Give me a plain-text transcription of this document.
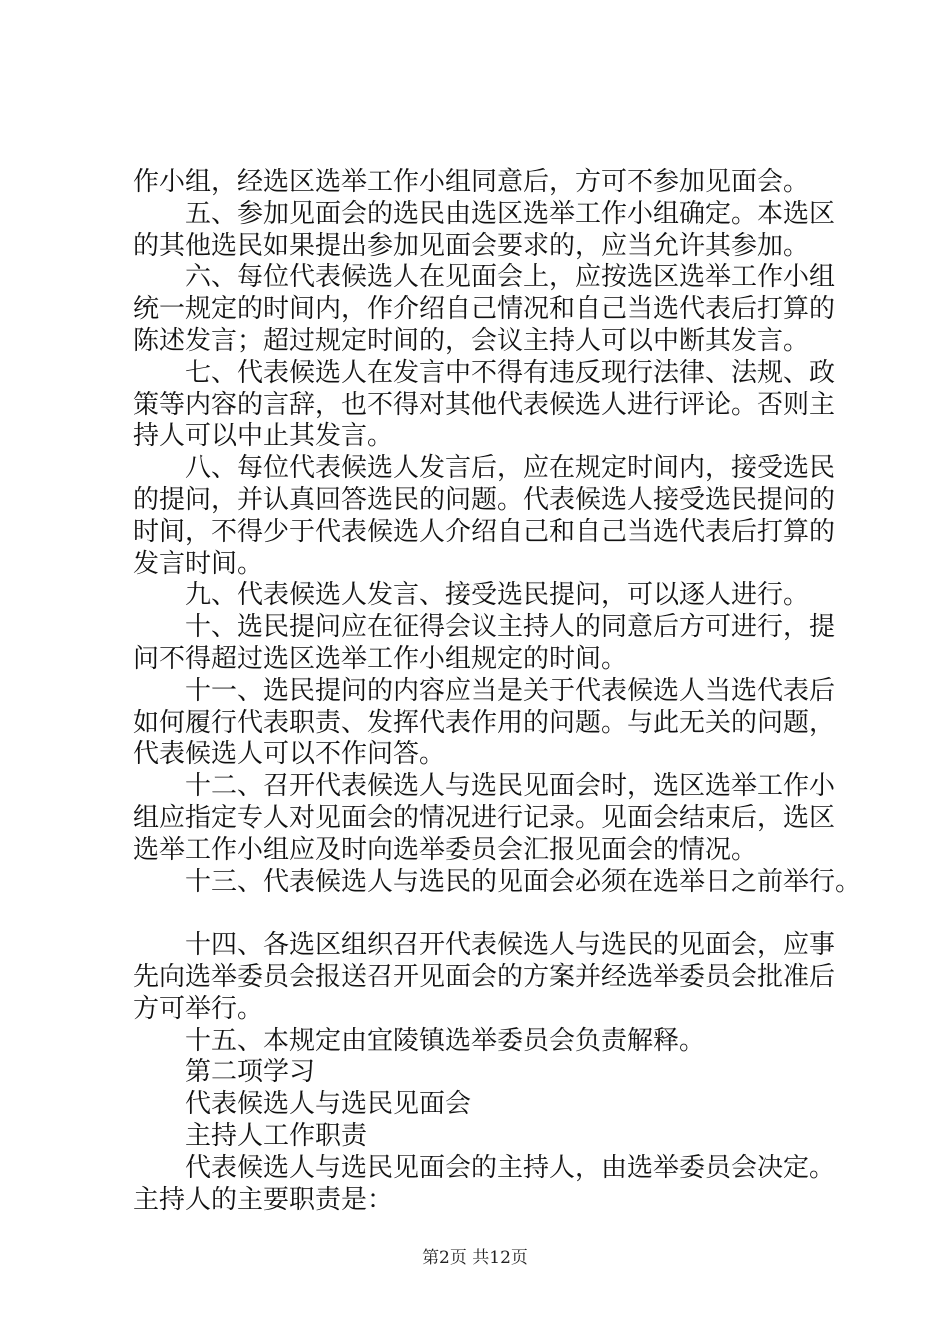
作小组，经选区选举工作小组同意后，方可不参加见面会。
五、参加见面会的选民由选区选举工作小组确定。本选区
的其他选民如果提出参加见面会要求的，应当允许其参加。
六、每位代表候选人在见面会上，应按选区选举工作小组
统一规定的时间内，作介绍自己情况和自己当选代表后打算的
陈述发言；超过规定时间的，会议主持人可以中断其发言。
七、代表候选人在发言中不得有违反现行法律、法规、政
策等内容的言辞，也不得对其他代表候选人进行评论。否则主
持人可以中止其发言。
八、每位代表候选人发言后，应在规定时间内，接受选民
的提问，并认真回答选民的问题。代表候选人接受选民提问的
时间，不得少于代表候选人介绍自己和自己当选代表后打算的
发言时间。
九、代表候选人发言、接受选民提问，可以逐人进行。
十、选民提问应在征得会议主持人的同意后方可进行，提
问不得超过选区选举工作小组规定的时间。
十一、选民提问的内容应当是关于代表候选人当选代表后
如何履行代表职责、发挥代表作用的问题。与此无关的问题，
代表候选人可以不作问答。
十二、召开代表候选人与选民见面会时，选区选举工作小
组应指定专人对见面会的情况进行记录。见面会结束后，选区
选举工作小组应及时向选举委员会汇报见面会的情况。
十三、代表候选人与选民的见面会必须在选举日之前举行。
十四、各选区组织召开代表候选人与选民的见面会，应事
先向选举委员会报送召开见面会的方案并经选举委员会批准后
方可举行。
十五、本规定由宜陵镇选举委员会负责解释。
第二项学习
代表候选人与选民见面会
主持人工作职责
代表候选人与选民见面会的主持人，由选举委员会决定。
主持人的主要职责是：
第2页 共12页
